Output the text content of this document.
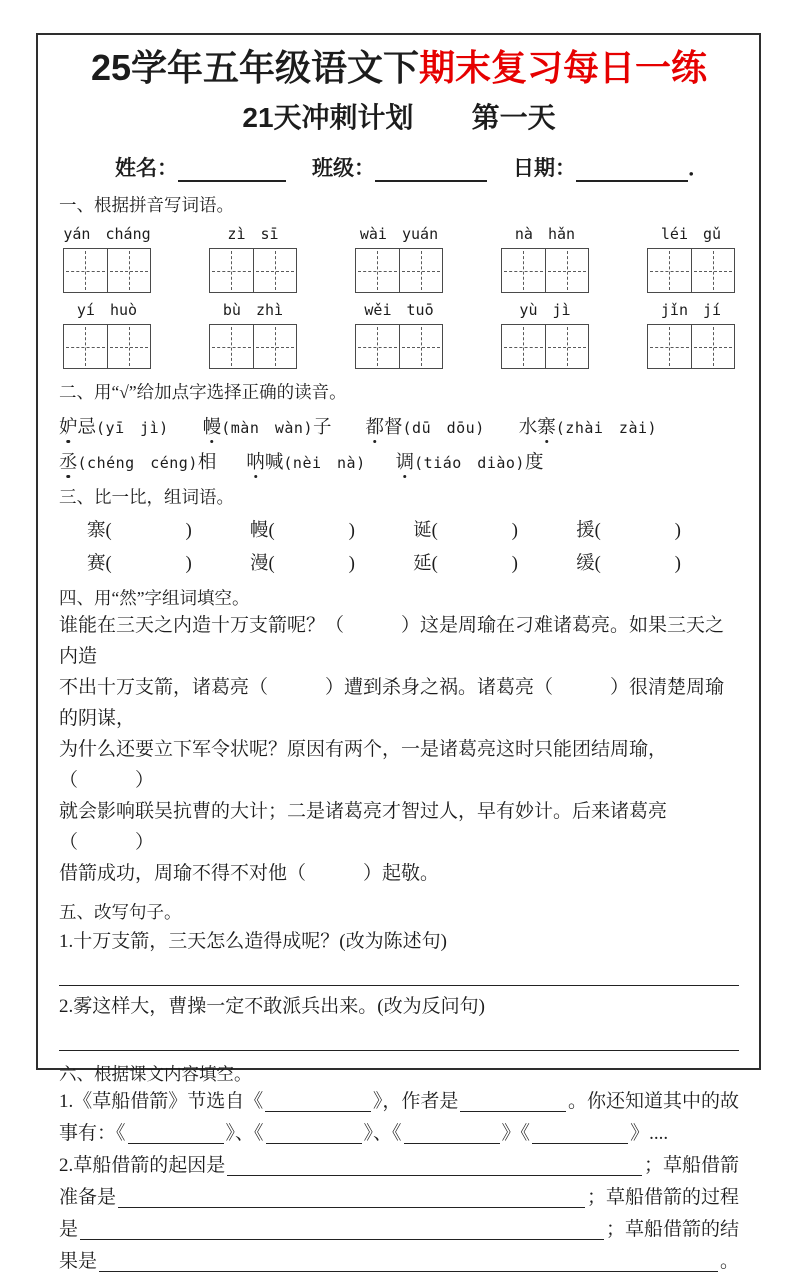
25学年五年级语文下期末复习每日一练
21天冲刺计划 第一天
姓名：	班级：	日期：	．
一、根据拼音写词语。
yán cháng	zì sī	wài yuán	nà hǎn	léi gǔ
yí huò	bù zhì	wěi tuō	yù jì	jǐn jí
二、用“√”给加点字选择正确的读音。
妒忌(yī　jì) 幔(màn　wàn)子 都督(dū　dōu) 水寨(zhài　zài)
丞(chéng　céng)相 呐喊(nèi　nà) 调(tiáo　diào)度
三、比一比，组词语。
寨(　　　　)	幔(　　　　)	诞(　　　　)	援(　　　　)
赛(　　　　)	漫(　　　　)	延(　　　　)	缓(　　　　)
四、用“然”字组词填空。
谁能在三天之内造十万支箭呢？（　　　）这是周瑜在刁难诸葛亮。如果三天之内造
不出十万支箭，诸葛亮（　　　）遭到杀身之祸。诸葛亮（　　　）很清楚周瑜的阴谋，
为什么还要立下军令状呢？原因有两个，一是诸葛亮这时只能团结周瑜，（　　　）
就会影响联吴抗曹的大计；二是诸葛亮才智过人，早有妙计。后来诸葛亮（　　　）
借箭成功，周瑜不得不对他（　　　）起敬。
五、改写句子。
1.十万支箭，三天怎么造得成呢？(改为陈述句)
2.雾这样大，曹操一定不敢派兵出来。(改为反问句)
六、根据课文内容填空。
1.《草船借箭》节选自《	》，作者是	。你还知道其中的故
事有：《	》、《	》、《	》《	》....
2.草船借箭的起因是	；草船借箭
准备是	；草船借箭的过程
是	；草船借箭的结
果是	。
